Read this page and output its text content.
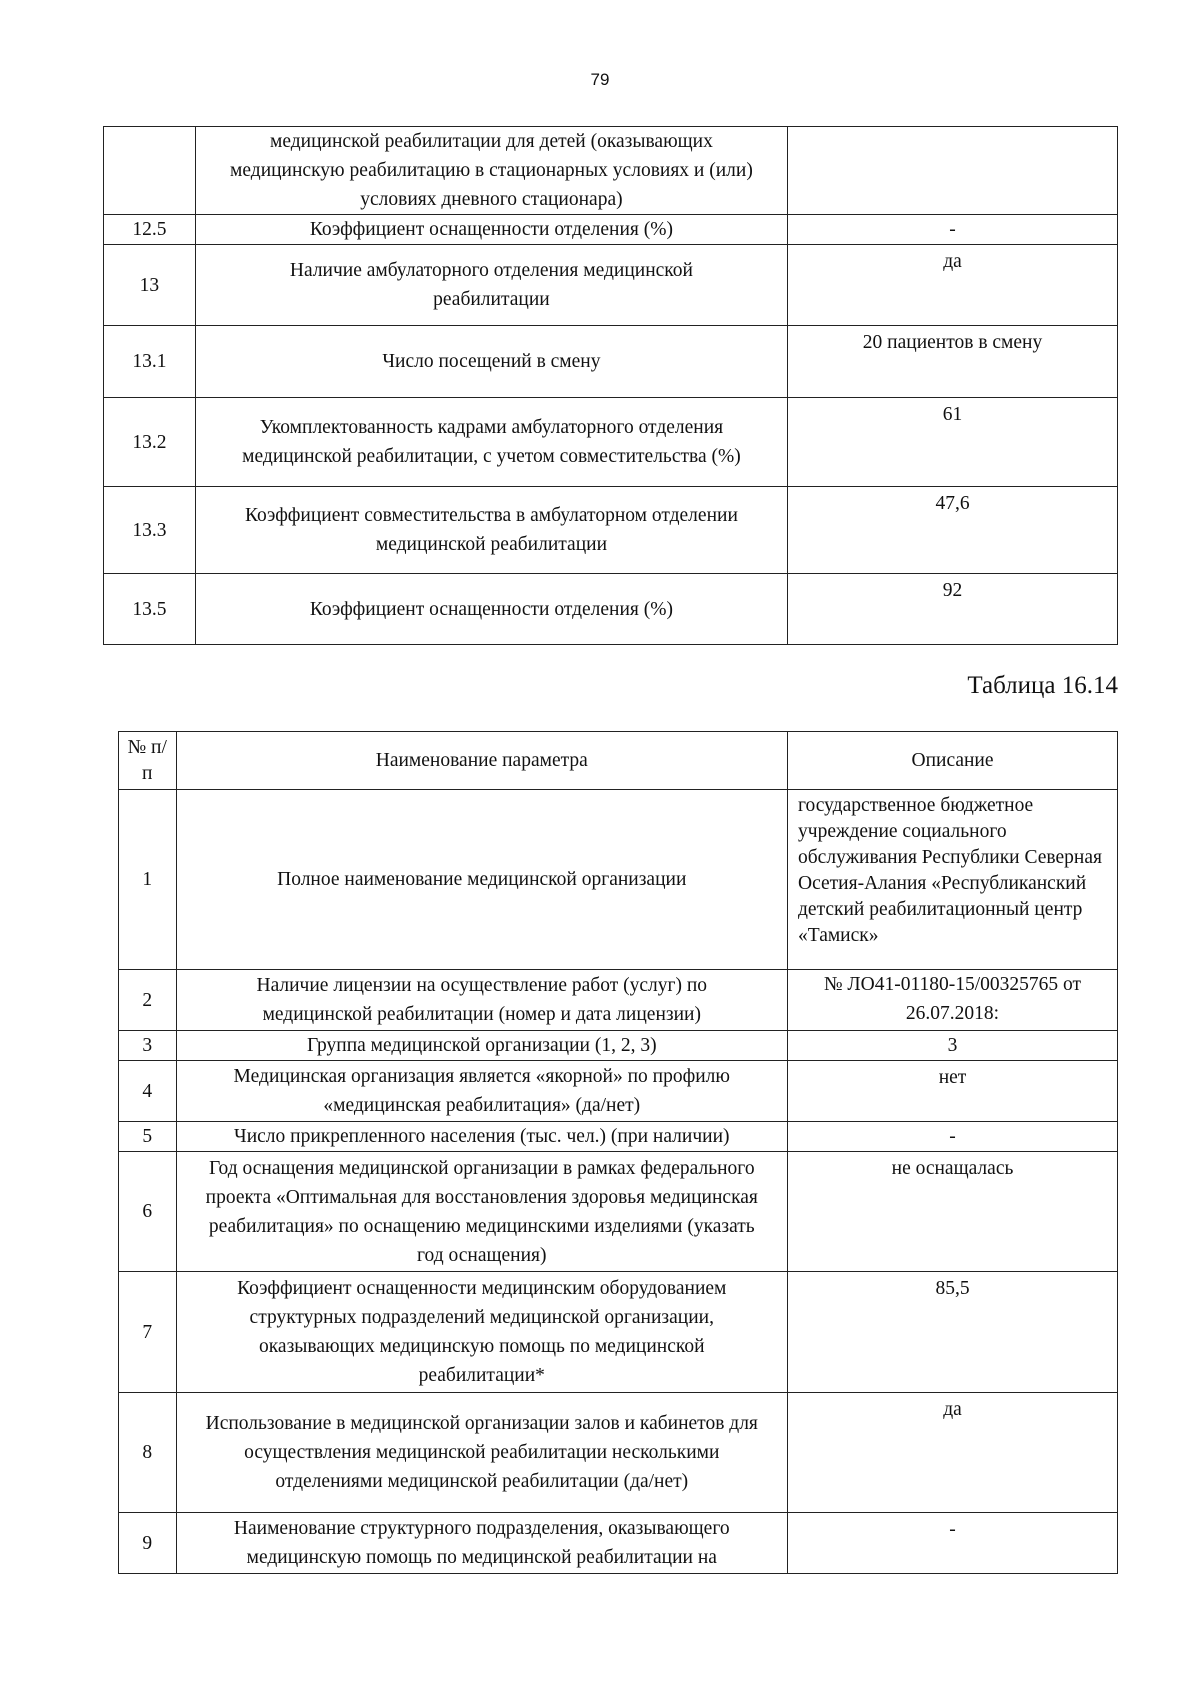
79
	медицинской реабилитации для детей (оказывающих медицинскую реабилитацию в стационарных условиях и (или) условиях дневного стационара)	
12.5	Коэффициент оснащенности отделения (%)	-
13	Наличие амбулаторного отделения медицинской реабилитации	да
13.1	Число посещений в смену	20 пациентов в смену
13.2	Укомплектованность кадрами амбулаторного отделения медицинской реабилитации, с учетом совместительства (%)	61
13.3	Коэффициент совместительства в амбулаторном отделении медицинской реабилитации	47,6
13.5	Коэффициент оснащенности отделения (%)	92
Таблица 16.14
№ п/п	Наименование параметра	Описание
1	Полное наименование медицинской организации	государственное бюджетное учреждение социального обслуживания Республики Северная Осетия-Алания «Республиканский детский реабилитационный центр «Тамиск»
2	Наличие лицензии на осуществление работ (услуг) по медицинской реабилитации (номер и дата лицензии)	№ ЛО41-01180-15/00325765 от 26.07.2018:
3	Группа медицинской организации (1, 2, 3)	3
4	Медицинская организация является «якорной» по профилю «медицинская реабилитация» (да/нет)	нет
5	Число прикрепленного населения (тыс. чел.) (при наличии)	-
6	Год оснащения медицинской организации в рамках федерального проекта «Оптимальная для восстановления здоровья медицинская реабилитация» по оснащению медицинскими изделиями (указать год оснащения)	не оснащалась
7	Коэффициент оснащенности медицинским оборудованием структурных подразделений медицинской организации, оказывающих медицинскую помощь по медицинской реабилитации*	85,5
8	Использование в медицинской организации залов и кабинетов для осуществления медицинской реабилитации несколькими отделениями медицинской реабилитации (да/нет)	да
9	Наименование структурного подразделения, оказывающего медицинскую помощь по медицинской реабилитации на	-
